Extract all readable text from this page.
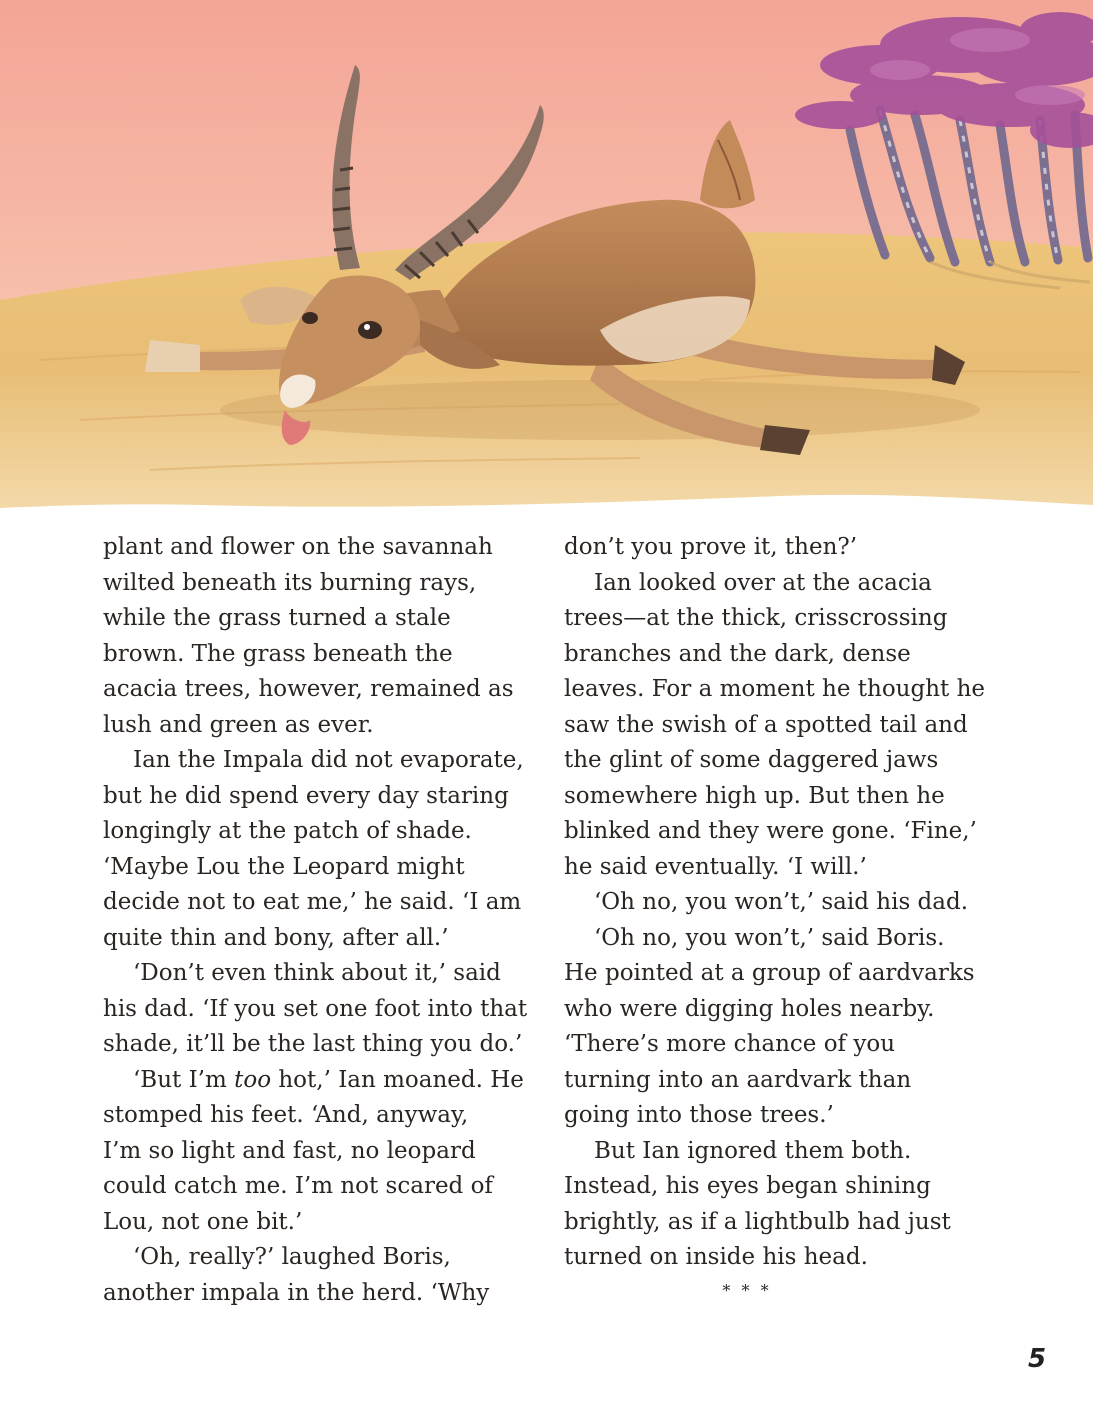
plant and flower on the savannah

wilted beneath its burning rays,

while the grass turned a stale

brown. The grass beneath the

acacia trees, however, remained as

lush and green as ever.

Ian the Impala did not evaporate,

but he did spend every day staring

longingly at the patch of shade.

‘Maybe Lou the Leopard might

decide not to eat me,’ he said. ‘I am

quite thin and bony, after all.’

‘Don’t even think about it,’ said

his dad. ‘If you set one foot into that

shade, it’ll be the last thing you do.’

‘But I’m too hot,’ Ian moaned. He

stomped his feet. ‘And, anyway,

I’m so light and fast, no leopard

could catch me. I’m not scared of

Lou, not one bit.’

‘Oh, really?’ laughed Boris,

another impala in the herd. ‘Why

don’t you prove it, then?’

Ian looked over at the acacia

trees—at the thick, crisscrossing

branches and the dark, dense

leaves. For a moment he thought he

saw the swish of a spotted tail and

the glint of some daggered jaws

somewhere high up. But then he

blinked and they were gone. ‘Fine,’

he said eventually. ‘I will.’

‘Oh no, you won’t,’ said his dad.

‘Oh no, you won’t,’ said Boris.

He pointed at a group of aardvarks

who were digging holes nearby.

‘There’s more chance of you

turning into an aardvark than

going into those trees.’

But Ian ignored them both.

Instead, his eyes began shining

brightly, as if a lightbulb had just

turned on inside his head.

* * *

5
